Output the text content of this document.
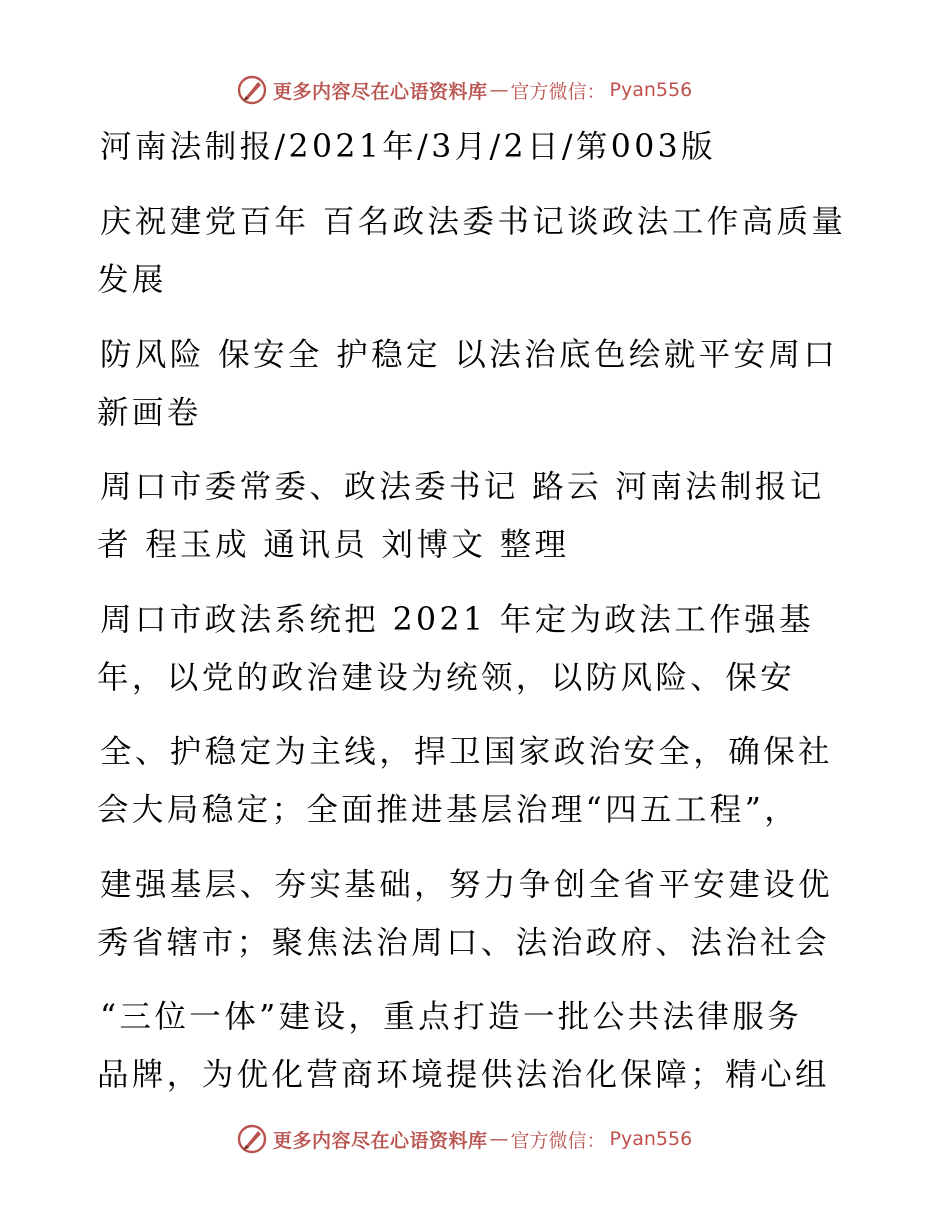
更多内容尽在心语资料库 — 官方微信： Pyan556
河南法制报/2021年/3月/2日/第003版
庆祝建党百年 百名政法委书记谈政法工作高质量
发展
防风险 保安全 护稳定 以法治底色绘就平安周口
新画卷
周口市委常委、政法委书记 路云 河南法制报记
者 程玉成 通讯员 刘博文 整理
周口市政法系统把 2021 年定为政法工作强基
年，以党的政治建设为统领，以防风险、保安
全、护稳定为主线，捍卫国家政治安全，确保社
会大局稳定；全面推进基层治理“四五工程”，
建强基层、夯实基础，努力争创全省平安建设优
秀省辖市；聚焦法治周口、法治政府、法治社会
“三位一体”建设，重点打造一批公共法律服务
品牌，为优化营商环境提供法治化保障；精心组
更多内容尽在心语资料库 — 官方微信： Pyan556
